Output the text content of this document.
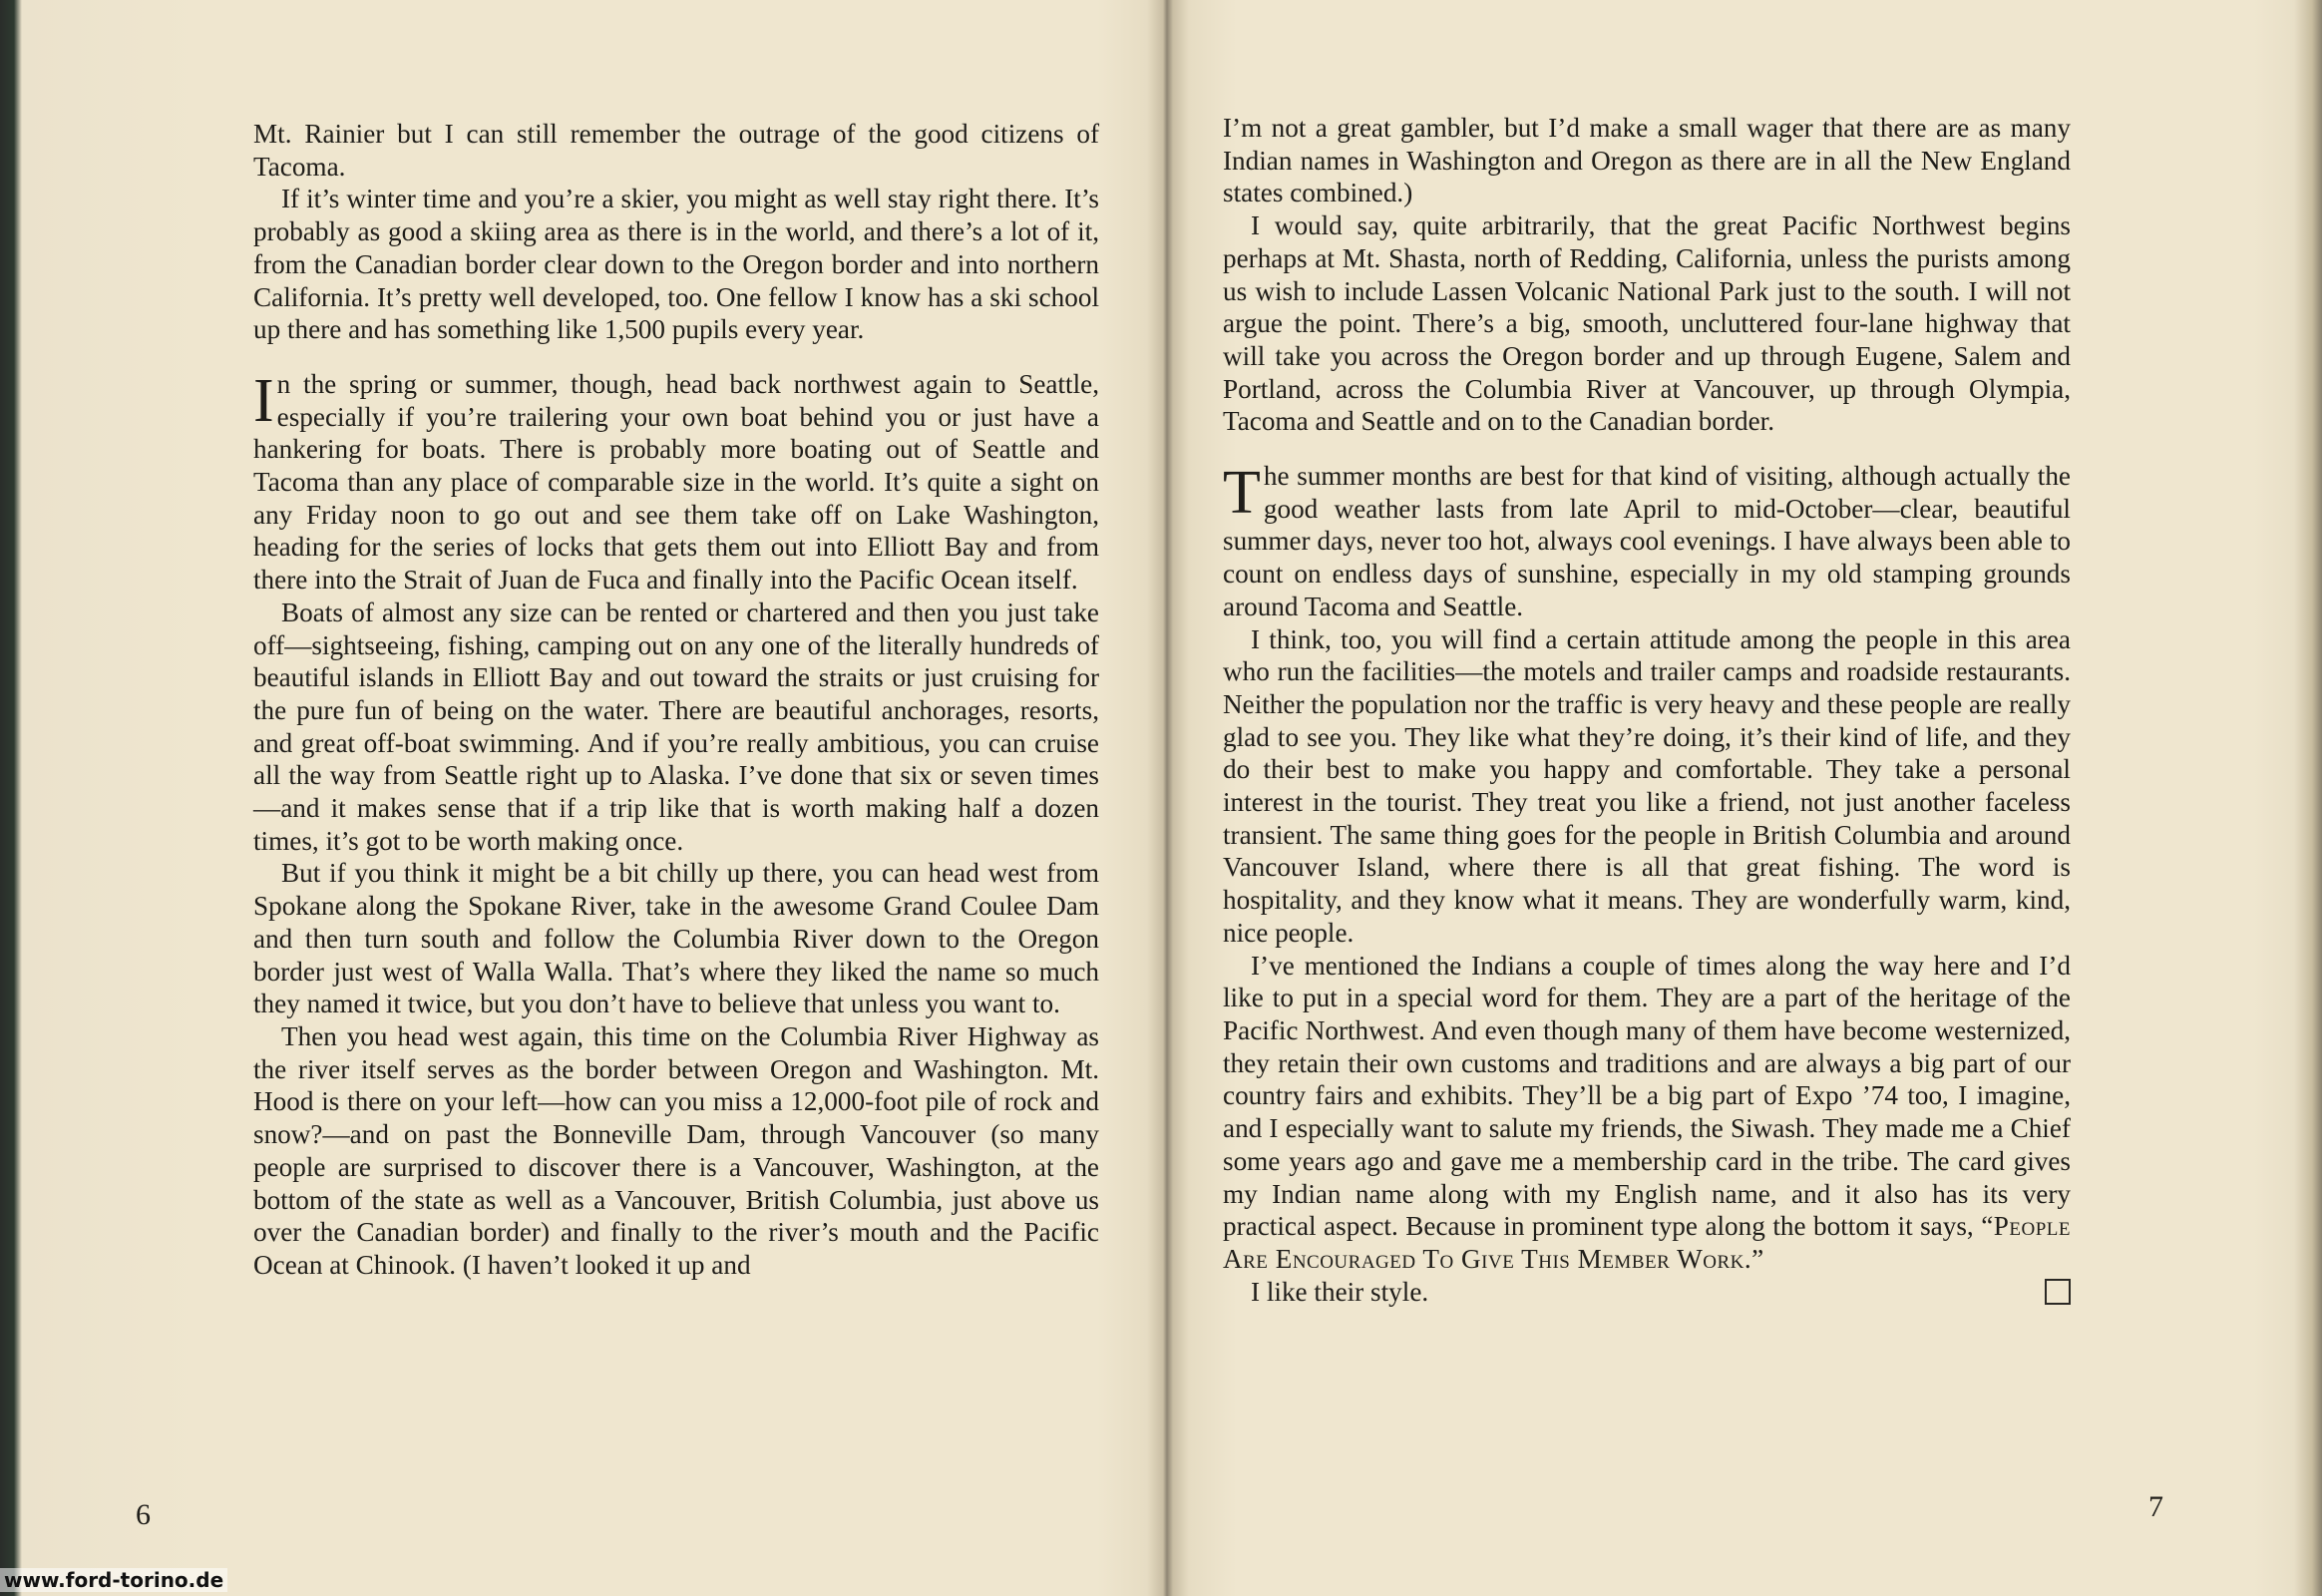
Mt. Rainier but I can still remember the outrage of the good citizens of Tacoma.

If it’s winter time and you’re a skier, you might as well stay right there. It’s probably as good a skiing area as there is in the world, and there’s a lot of it, from the Canadian border clear down to the Oregon border and into northern California. It’s pretty well developed, too. One fellow I know has a ski school up there and has something like 1,500 pupils every year.

In the spring or summer, though, head back northwest again to Seattle, especially if you’re trailering your own boat behind you or just have a hankering for boats. There is probably more boating out of Seattle and Tacoma than any place of comparable size in the world. It’s quite a sight on any Friday noon to go out and see them take off on Lake Washington, heading for the series of locks that gets them out into Elliott Bay and from there into the Strait of Juan de Fuca and finally into the Pacific Ocean itself.

Boats of almost any size can be rented or chartered and then you just take off—sightseeing, fishing, camping out on any one of the literally hundreds of beautiful islands in Elliott Bay and out toward the straits or just cruising for the pure fun of being on the water. There are beautiful anchorages, resorts, and great off-boat swimming. And if you’re really ambitious, you can cruise all the way from Seattle right up to Alaska. I’ve done that six or seven times—and it makes sense that if a trip like that is worth making half a dozen times, it’s got to be worth making once.

But if you think it might be a bit chilly up there, you can head west from Spokane along the Spokane River, take in the awesome Grand Coulee Dam and then turn south and follow the Columbia River down to the Oregon border just west of Walla Walla. That’s where they liked the name so much they named it twice, but you don’t have to believe that unless you want to.

Then you head west again, this time on the Columbia River Highway as the river itself serves as the border between Oregon and Washington. Mt. Hood is there on your left—how can you miss a 12,000-foot pile of rock and snow?—and on past the Bonneville Dam, through Vancouver (so many people are surprised to discover there is a Vancouver, Washington, at the bottom of the state as well as a Vancouver, British Columbia, just above us over the Canadian border) and finally to the river’s mouth and the Pacific Ocean at Chinook. (I haven’t looked it up and

6

I’m not a great gambler, but I’d make a small wager that there are as many Indian names in Washington and Oregon as there are in all the New England states combined.)

I would say, quite arbitrarily, that the great Pacific Northwest begins perhaps at Mt. Shasta, north of Redding, California, unless the purists among us wish to include Lassen Volcanic National Park just to the south. I will not argue the point. There’s a big, smooth, uncluttered four-lane highway that will take you across the Oregon border and up through Eugene, Salem and Portland, across the Columbia River at Vancouver, up through Olympia, Tacoma and Seattle and on to the Canadian border.

The summer months are best for that kind of visiting, although actually the good weather lasts from late April to mid-October—clear, beautiful summer days, never too hot, always cool evenings. I have always been able to count on endless days of sunshine, especially in my old stamping grounds around Tacoma and Seattle.

I think, too, you will find a certain attitude among the people in this area who run the facilities—the motels and trailer camps and roadside restaurants. Neither the population nor the traffic is very heavy and these people are really glad to see you. They like what they’re doing, it’s their kind of life, and they do their best to make you happy and comfortable. They take a personal interest in the tourist. They treat you like a friend, not just another faceless transient. The same thing goes for the people in British Columbia and around Vancouver Island, where there is all that great fishing. The word is hospitality, and they know what it means. They are wonderfully warm, kind, nice people.

I’ve mentioned the Indians a couple of times along the way here and I’d like to put in a special word for them. They are a part of the heritage of the Pacific Northwest. And even though many of them have become westernized, they retain their own customs and traditions and are always a big part of our country fairs and exhibits. They’ll be a big part of Expo ’74 too, I imagine, and I especially want to salute my friends, the Siwash. They made me a Chief some years ago and gave me a membership card in the tribe. The card gives my Indian name along with my English name, and it also has its very practical aspect. Because in prominent type along the bottom it says, “People Are Encouraged To Give This Member Work.”

I like their style.

7
www.ford-torino.de
